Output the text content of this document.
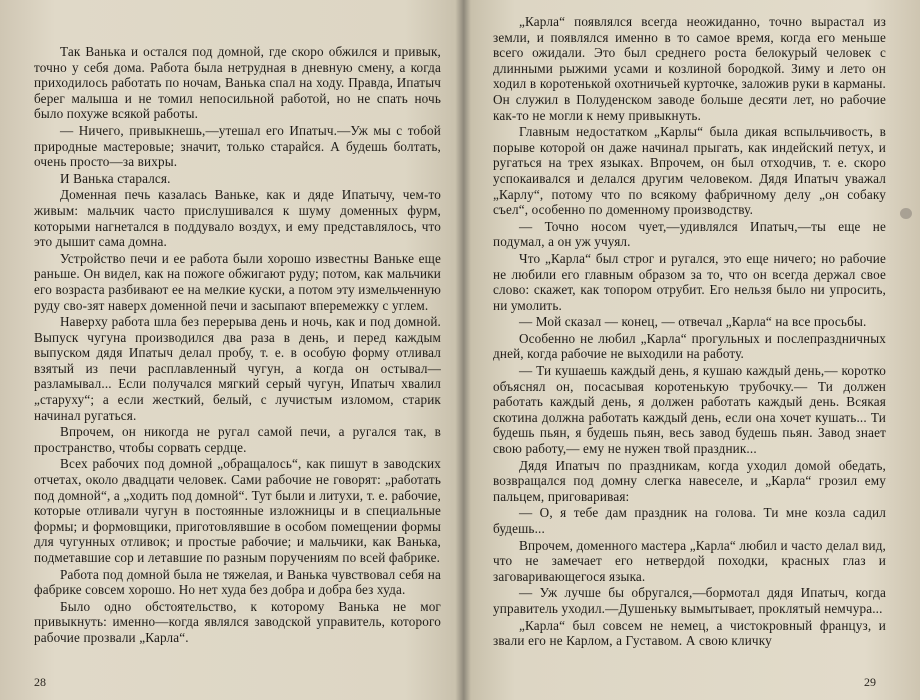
Так Ванька и остался под домной, где скоро обжился и привык, точно у себя дома. Работа была нетрудная в дневную смену, а когда приходилось работать по ночам, Ванька спал на ходу. Правда, Ипатыч берег малыша и не томил непосильной работой, но не спать ночь было похуже всякой работы.

— Ничего, привыкнешь,—утешал его Ипатыч.—Уж мы с тобой природные мастеровые; значит, только старайся. А будешь болтать, очень просто—за вихры.

И Ванька старался.

Доменная печь казалась Ваньке, как и дяде Ипатычу, чем-то живым: мальчик часто прислушивался к шуму доменных фурм, которыми нагнетался в поддувало воздух, и ему представлялось, что это дышит сама домна.

Устройство печи и ее работа были хорошо известны Ваньке еще раньше. Он видел, как на пожоге обжигают руду; потом, как мальчики его возраста разбивают ее на мелкие куски, а потом эту измельченную руду сво-зят наверх доменной печи и засыпают вперемежку с углем.

Наверху работа шла без перерыва день и ночь, как и под домной. Выпуск чугуна производился два раза в день, и перед каждым выпуском дядя Ипатыч делал пробу, т. е. в особую форму отливал взятый из печи расплавленный чугун, а когда он остывал—разламывал... Если получался мягкий серый чугун, Ипатыч хвалил „старуху“; а если жесткий, белый, с лучистым изломом, старик начинал ругаться.

Впрочем, он никогда не ругал самой печи, а ругался так, в пространство, чтобы сорвать сердце.

Всех рабочих под домной „обращалось“, как пишут в заводских отчетах, около двадцати человек. Сами рабочие не говорят: „работать под домной“, а „ходить под домной“. Тут были и литухи, т. е. рабочие, которые отливали чугун в постоянные изложницы и в специальные формы; и формовщики, приготовлявшие в особом помещении формы для чугунных отливок; и простые рабочие; и мальчики, как Ванька, подметавшие сор и летавшие по разным поручениям по всей фабрике.

Работа под домной была не тяжелая, и Ванька чувствовал себя на фабрике совсем хорошо. Но нет худа без добра и добра без худа.

Было одно обстоятельство, к которому Ванька не мог привыкнуть: именно—когда являлся заводской управитель, которого рабочие прозвали „Карла“.

28

„Карла“ появлялся всегда неожиданно, точно вырастал из земли, и появлялся именно в то самое время, когда его меньше всего ожидали. Это был среднего роста белокурый человек с длинными рыжими усами и козлиной бородкой. Зиму и лето он ходил в коротенькой охотничьей курточке, заложив руки в карманы. Он служил в Полуденском заводе больше десяти лет, но рабочие как-то не могли к нему привыкнуть.

Главным недостатком „Карлы“ была дикая вспыльчивость, в порыве которой он даже начинал прыгать, как индейский петух, и ругаться на трех языках. Впрочем, он был отходчив, т. е. скоро успокаивался и делался другим человеком. Дядя Ипатыч уважал „Карлу“, потому что по всякому фабричному делу „он собаку съел“, особенно по доменному производству.

— Точно носом чует,—удивлялся Ипатыч,—ты еще не подумал, а он уж учуял.

Что „Карла“ был строг и ругался, это еще ничего; но рабочие не любили его главным образом за то, что он всегда держал свое слово: скажет, как топором отрубит. Его нельзя было ни упросить, ни умолить.

— Мой сказал — конец, — отвечал „Карла“ на все просьбы.

Особенно не любил „Карла“ прогульных и послепраздничных дней, когда рабочие не выходили на работу.

— Ти кушаешь каждый день, я кушаю каждый день,— коротко объяснял он, посасывая коротенькую трубочку.— Ти должен работать каждый день, я должен работать каждый день. Всякая скотина должна работать каждый день, если она хочет кушать... Ти будешь пьян, я будешь пьян, весь завод будешь пьян. Завод знает свою работу,— ему не нужен твой праздник...

Дядя Ипатыч по праздникам, когда уходил домой обедать, возвращался под домну слегка навеселе, и „Карла“ грозил ему пальцем, приговаривая:

— О, я тебе дам праздник на голова. Ти мне козла садил будешь...

Впрочем, доменного мастера „Карла“ любил и часто делал вид, что не замечает его нетвердой походки, красных глаз и заговаривающегося языка.

— Уж лучше бы обругался,—бормотал дядя Ипатыч, когда управитель уходил.—Душеньку вымытывает, проклятый немчура...

„Карла“ был совсем не немец, а чистокровный француз, и звали его не Карлом, а Густавом. А свою кличку

29
